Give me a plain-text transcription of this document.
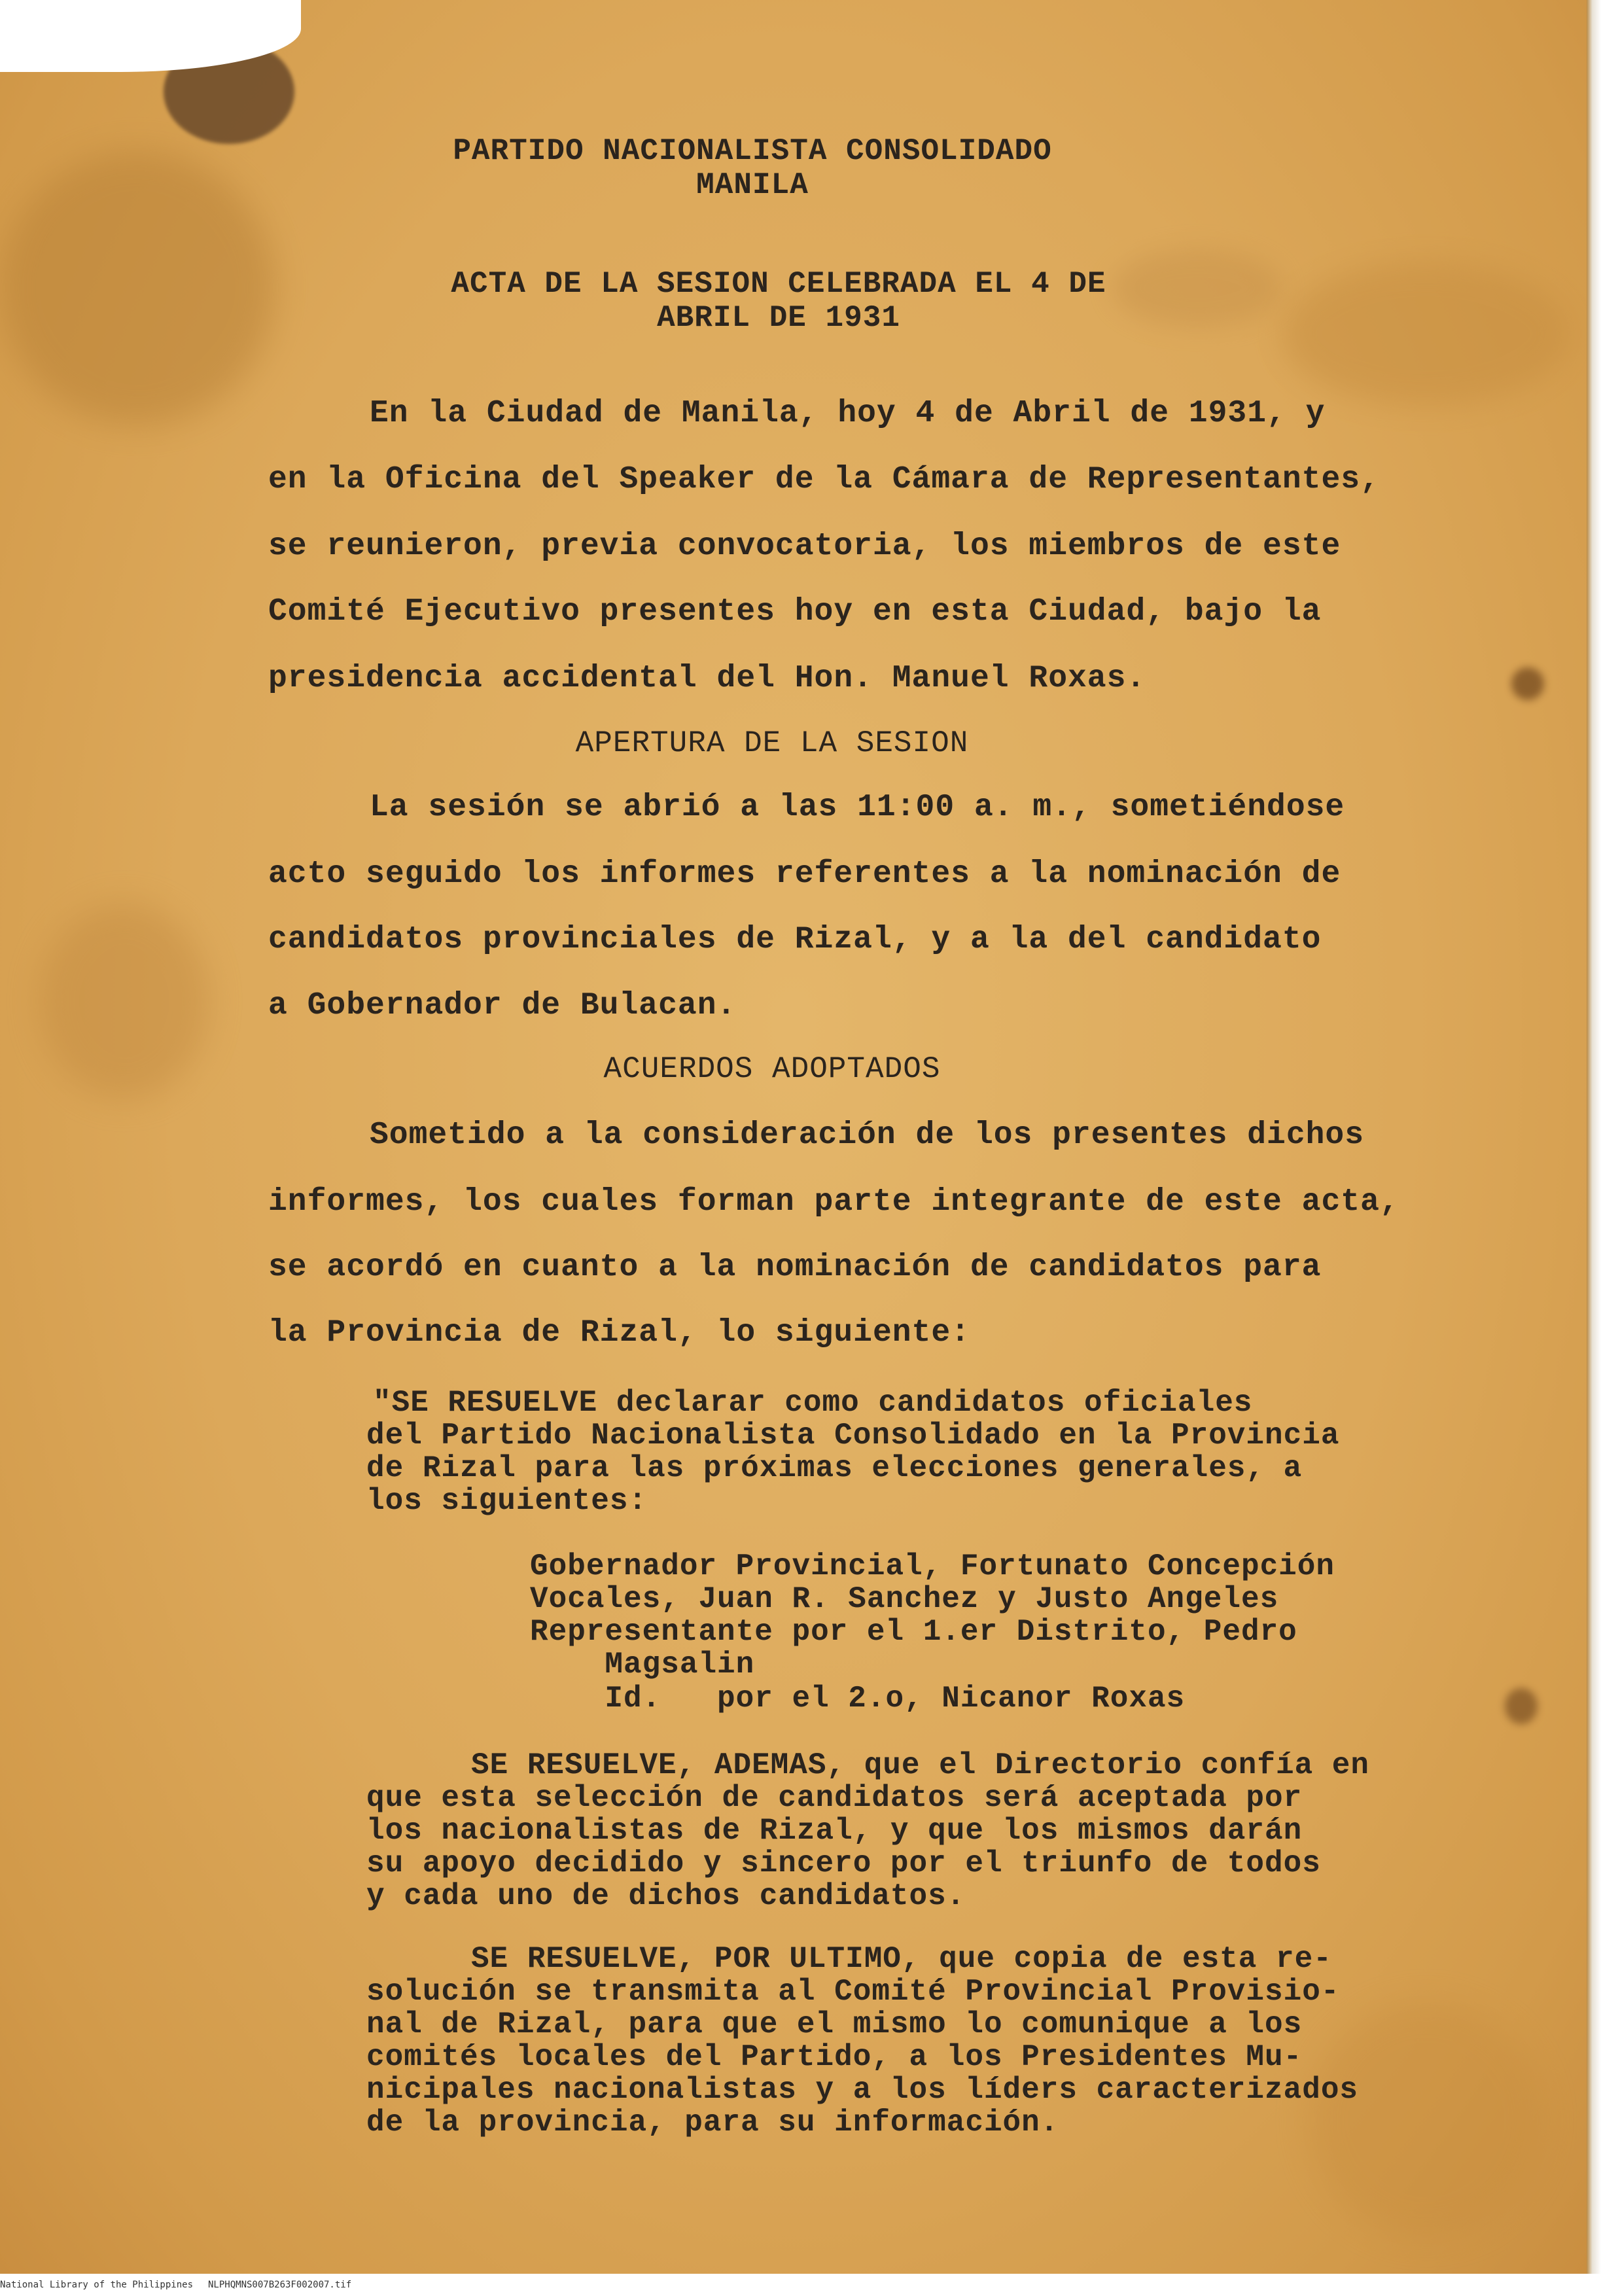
PARTIDO NACIONALISTA CONSOLIDADO

MANILA

ACTA DE LA SESION CELEBRADA EL 4 DE

ABRIL DE 1931

En la Ciudad de Manila, hoy 4 de Abril de 1931, y

en la Oficina del Speaker de la Cámara de Representantes,

se reunieron, previa convocatoria, los miembros de este

Comité Ejecutivo presentes hoy en esta Ciudad, bajo la

presidencia accidental del Hon. Manuel Roxas.

APERTURA DE LA SESION

La sesión se abrió a las 11:00 a. m., sometiéndose

acto seguido los informes referentes a la nominación de

candidatos provinciales de Rizal, y a la del candidato

a Gobernador de Bulacan.

ACUERDOS ADOPTADOS

Sometido a la consideración de los presentes dichos

informes, los cuales forman parte integrante de este acta,

se acordó en cuanto a la nominación de candidatos para

la Provincia de Rizal, lo siguiente:

"SE RESUELVE declarar como candidatos oficiales

del Partido Nacionalista Consolidado en la Provincia

de Rizal para las próximas elecciones generales, a

los siguientes:

Gobernador Provincial, Fortunato Concepción

Vocales, Juan R. Sanchez y Justo Angeles

Representante por el 1.er Distrito, Pedro

Magsalin

Id.   por el 2.o, Nicanor Roxas

SE RESUELVE, ADEMAS, que el Directorio confía en

que esta selección de candidatos será aceptada por

los nacionalistas de Rizal, y que los mismos darán

su apoyo decidido y sincero por el triunfo de todos

y cada uno de dichos candidatos.

SE RESUELVE, POR ULTIMO, que copia de esta re-

solución se transmita al Comité Provincial Provisio-

nal de Rizal, para que el mismo lo comunique a los

comités locales del Partido, a los Presidentes Mu-

nicipales nacionalistas y a los líders caracterizados

de la provincia, para su información.

National Library of the Philippines NLPHQMNS007B263F002007.tif
